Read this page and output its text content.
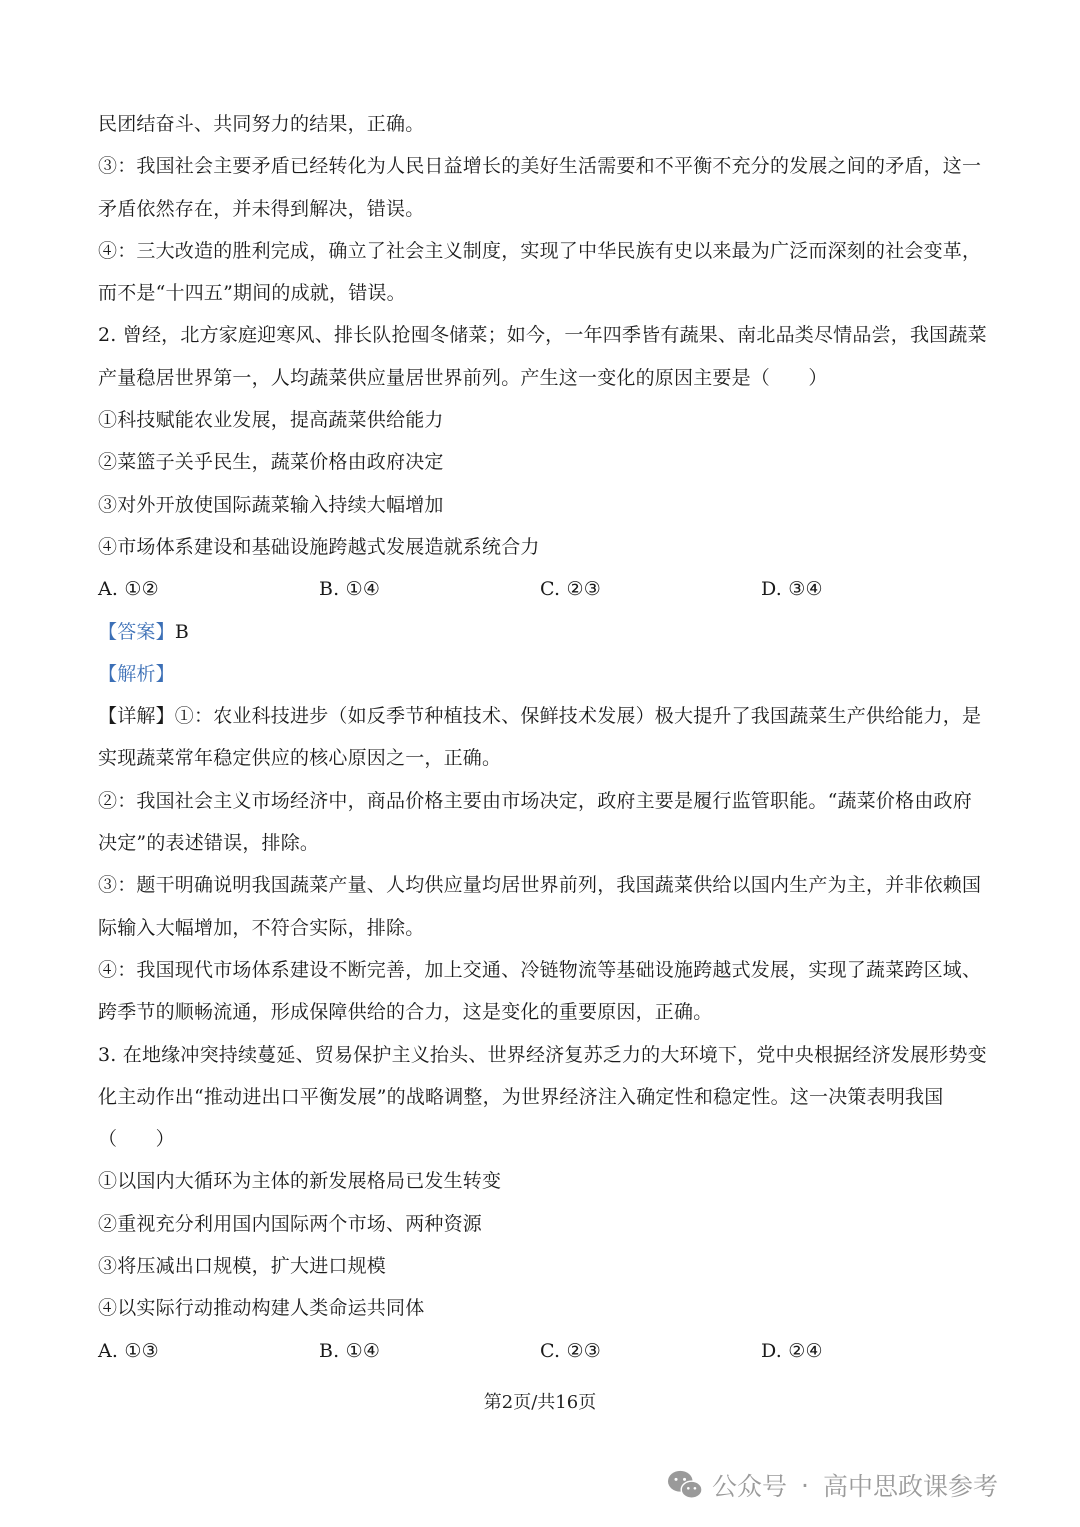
民团结奋斗、共同努力的结果，正确。
③：我国社会主要矛盾已经转化为人民日益增长的美好生活需要和不平衡不充分的发展之间的矛盾，这一
矛盾依然存在，并未得到解决，错误。
④：三大改造的胜利完成，确立了社会主义制度，实现了中华民族有史以来最为广泛而深刻的社会变革，
而不是“十四五”期间的成就，错误。
2. 曾经，北方家庭迎寒风、排长队抢囤冬储菜；如今，一年四季皆有蔬果、南北品类尽情品尝，我国蔬菜
产量稳居世界第一，人均蔬菜供应量居世界前列。产生这一变化的原因主要是（　　）
①科技赋能农业发展，提高蔬菜供给能力
②菜篮子关乎民生，蔬菜价格由政府决定
③对外开放使国际蔬菜输入持续大幅增加
④市场体系建设和基础设施跨越式发展造就系统合力
A. ①②	B. ①④	C. ②③	D. ③④
【答案】B
【解析】
【详解】①：农业科技进步（如反季节种植技术、保鲜技术发展）极大提升了我国蔬菜生产供给能力，是
实现蔬菜常年稳定供应的核心原因之一，正确。
②：我国社会主义市场经济中，商品价格主要由市场决定，政府主要是履行监管职能。“蔬菜价格由政府
决定”的表述错误，排除。
③：题干明确说明我国蔬菜产量、人均供应量均居世界前列，我国蔬菜供给以国内生产为主，并非依赖国
际输入大幅增加，不符合实际，排除。
④：我国现代市场体系建设不断完善，加上交通、冷链物流等基础设施跨越式发展，实现了蔬菜跨区域、
跨季节的顺畅流通，形成保障供给的合力，这是变化的重要原因，正确。
3. 在地缘冲突持续蔓延、贸易保护主义抬头、世界经济复苏乏力的大环境下，党中央根据经济发展形势变
化主动作出“推动进出口平衡发展”的战略调整，为世界经济注入确定性和稳定性。这一决策表明我国
（　　）
①以国内大循环为主体的新发展格局已发生转变
②重视充分利用国内国际两个市场、两种资源
③将压减出口规模，扩大进口规模
④以实际行动推动构建人类命运共同体
A. ①③	B. ①④	C. ②③	D. ②④
第2页/共16页
公众号 · 高中思政课参考
